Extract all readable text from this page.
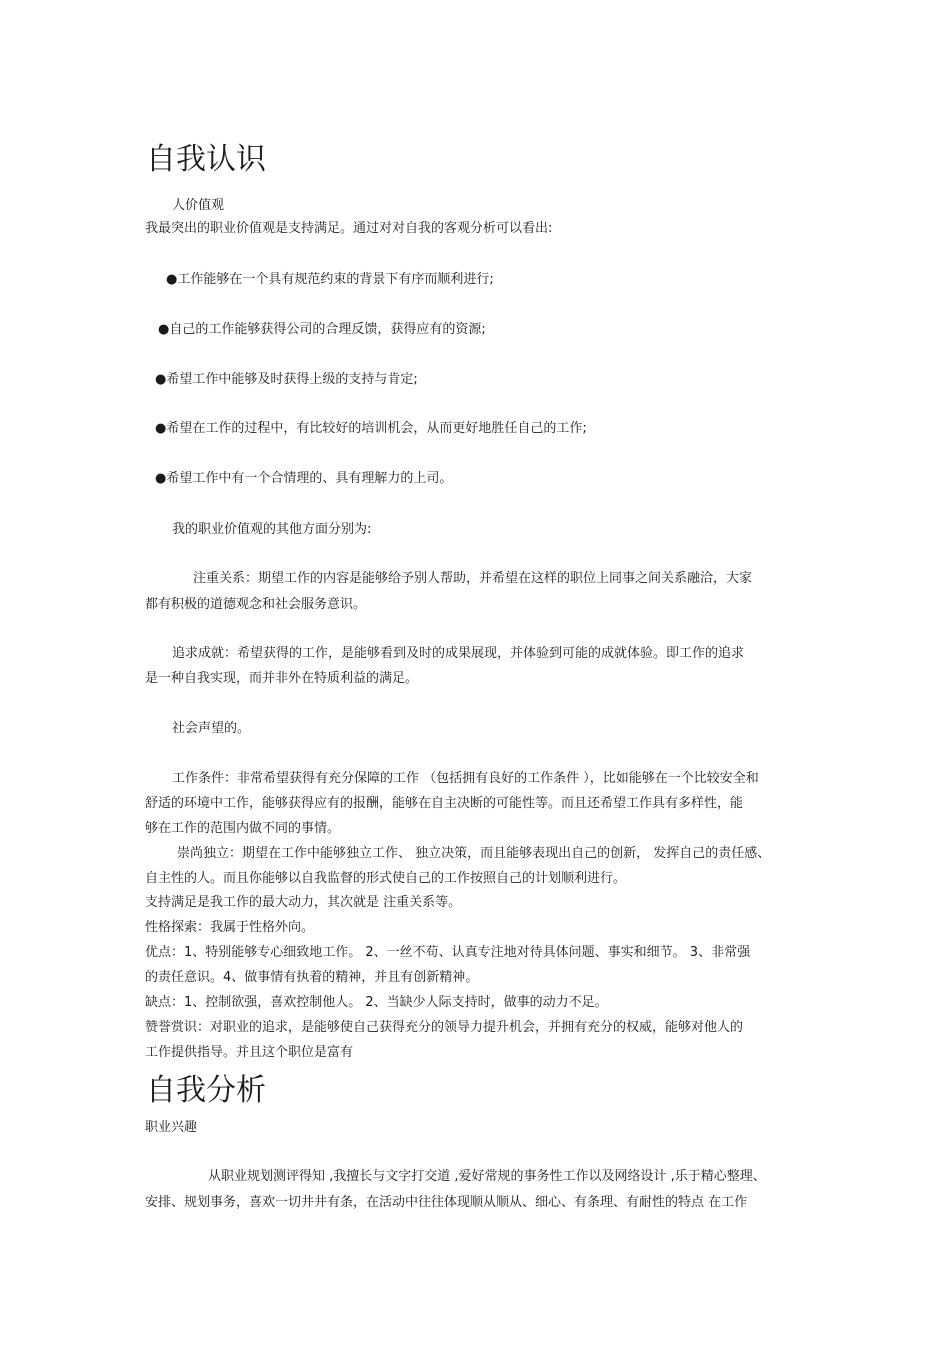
自我认识

人价值观

我最突出的职业价值观是支持满足。通过对对自我的客观分析可以看出:

●工作能够在一个具有规范约束的背景下有序而顺利进行;

●自己的工作能够获得公司的合理反馈，获得应有的资源;

●希望工作中能够及时获得上级的支持与肯定;

●希望在工作的过程中，有比较好的培训机会，从而更好地胜任自己的工作;

●希望工作中有一个合情理的、具有理解力的上司。

我的职业价值观的其他方面分别为:

注重关系：期望工作的内容是能够给予别人帮助，并希望在这样的职位上同事之间关系融洽，大家

都有积极的道德观念和社会服务意识。

追求成就：希望获得的工作，是能够看到及时的成果展现，并体验到可能的成就体验。即工作的追求

是一种自我实现，而并非外在特质利益的满足。

社会声望的。

工作条件：非常希望获得有充分保障的工作 （包括拥有良好的工作条件 ），比如能够在一个比较安全和

舒适的环境中工作，能够获得应有的报酬，能够在自主决断的可能性等。而且还希望工作具有多样性，能

够在工作的范围内做不同的事情。

崇尚独立：期望在工作中能够独立工作、 独立决策，而且能够表现出自己的创新， 发挥自己的责任感、

自主性的人。而且你能够以自我监督的形式使自己的工作按照自己的计划顺利进行。

支持满足是我工作的最大动力，其次就是 注重关系等。

性格探索：我属于性格外向。

优点：1、特别能够专心细致地工作。 2、一丝不苟、认真专注地对待具体问题、事实和细节。 3、非常强

的责任意识。4、做事情有执着的精神，并且有创新精神。

缺点：1、控制欲强，喜欢控制他人。 2、当缺少人际支持时，做事的动力不足。

赞誉赏识：对职业的追求，是能够使自己获得充分的领导力提升机会，并拥有充分的权威，能够对他人的

工作提供指导。并且这个职位是富有

自我分析

职业兴趣

从职业规划测评得知 ,我擅长与文字打交道 ,爱好常规的事务性工作以及网络设计 ,乐于精心整理、

安排、规划事务，喜欢一切井井有条，在活动中往往体现顺从顺从、细心、有条理、有耐性的特点 在工作
